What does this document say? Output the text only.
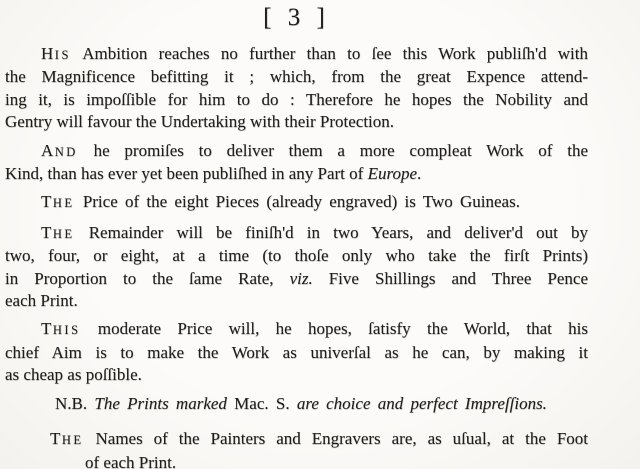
[ 3 ]
H IS Ambition reaches no further than to ſee this Work publiſh'd with
the Magnificence befitting it ; which, from the great Expence attend-
ing it, is impoſſible for him to do : Therefore he hopes the Nobility and
Gentry will favour the Undertaking with their Protection.
A ND he promiſes to deliver them a more compleat Work of the
Kind, than has ever yet been publiſhed in any Part of Europe.
T HE Price of the eight Pieces (already engraved) is Two Guineas.
T HE Remainder will be finiſh'd in two Years, and deliver'd out by
two, four, or eight, at a time (to thoſe only who take the firſt Prints)
in Proportion to the ſame Rate, viz. Five Shillings and Three Pence
each Print.
T HIS moderate Price will, he hopes, ſatisfy the World, that his
chief Aim is to make the Work as univerſal as he can, by making it
as cheap as poſſible.
N.B. The Prints marked Mac. S. are choice and perfect Impreſſions.
T HE Names of the Painters and Engravers are, as uſual, at the Foot
of each Print.
